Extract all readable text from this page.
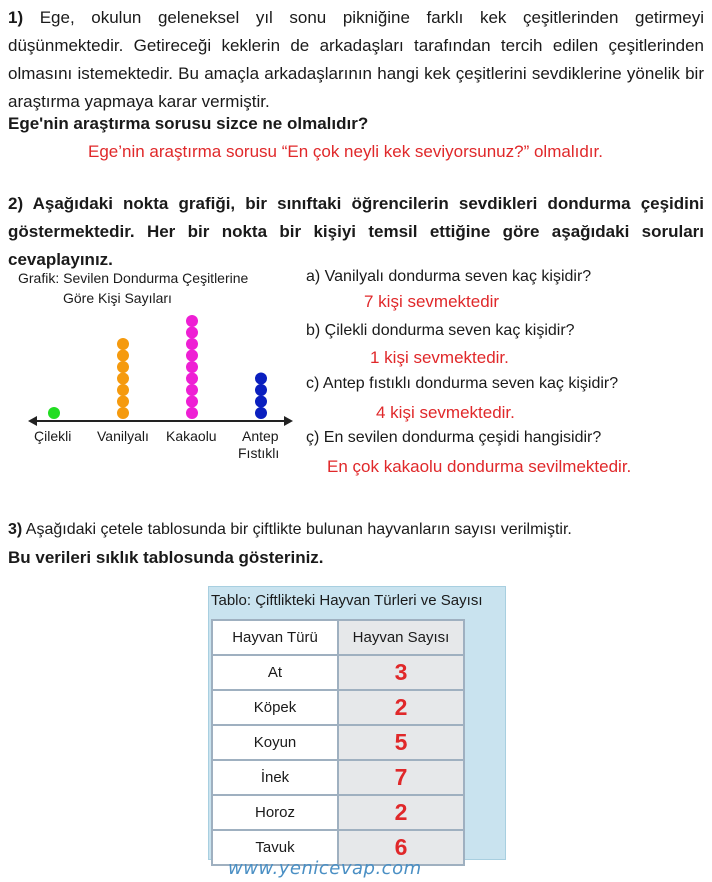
1) Ege, okulun geleneksel yıl sonu pikniğine farklı kek çeşitlerinden getirmeyi düşünmektedir. Getireceği keklerin de arkadaşları tarafından tercih edilen çeşitlerinden olmasını istemektedir. Bu amaçla arkadaşlarının hangi kek çeşitlerini sevdiklerine yönelik bir araştırma yapmaya karar vermiştir.
Ege'nin araştırma sorusu sizce ne olmalıdır?
Ege’nin araştırma sorusu “En çok neyli kek seviyorsunuz?” olmalıdır.
2) Aşağıdaki nokta grafiği, bir sınıftaki öğrencilerin sevdikleri dondurma çeşidini göstermektedir. Her bir nokta bir kişiyi temsil ettiğine göre aşağıdaki soruları cevaplayınız.
Grafik: Sevilen Dondurma Çeşitlerine
Göre Kişi Sayıları
Çilekli Vanilyalı Kakaolu Antep
Fıstıklı
a) Vanilyalı dondurma seven kaç kişidir?
7 kişi sevmektedir
b) Çilekli dondurma seven kaç kişidir?
1 kişi sevmektedir.
c) Antep fıstıklı dondurma seven kaç kişidir?
4 kişi sevmektedir.
ç) En sevilen dondurma çeşidi hangisidir?
En çok kakaolu dondurma sevilmektedir.
3) Aşağıdaki çetele tablosunda bir çiftlikte bulunan hayvanların sayısı verilmiştir.
Bu verileri sıklık tablosunda gösteriniz.
Tablo: Çiftlikteki Hayvan Türleri ve Sayısı
Hayvan Türü	Hayvan Sayısı
At	3
Köpek	2
Koyun	5
İnek	7
Horoz	2
Tavuk	6
www.yenicevap.com
